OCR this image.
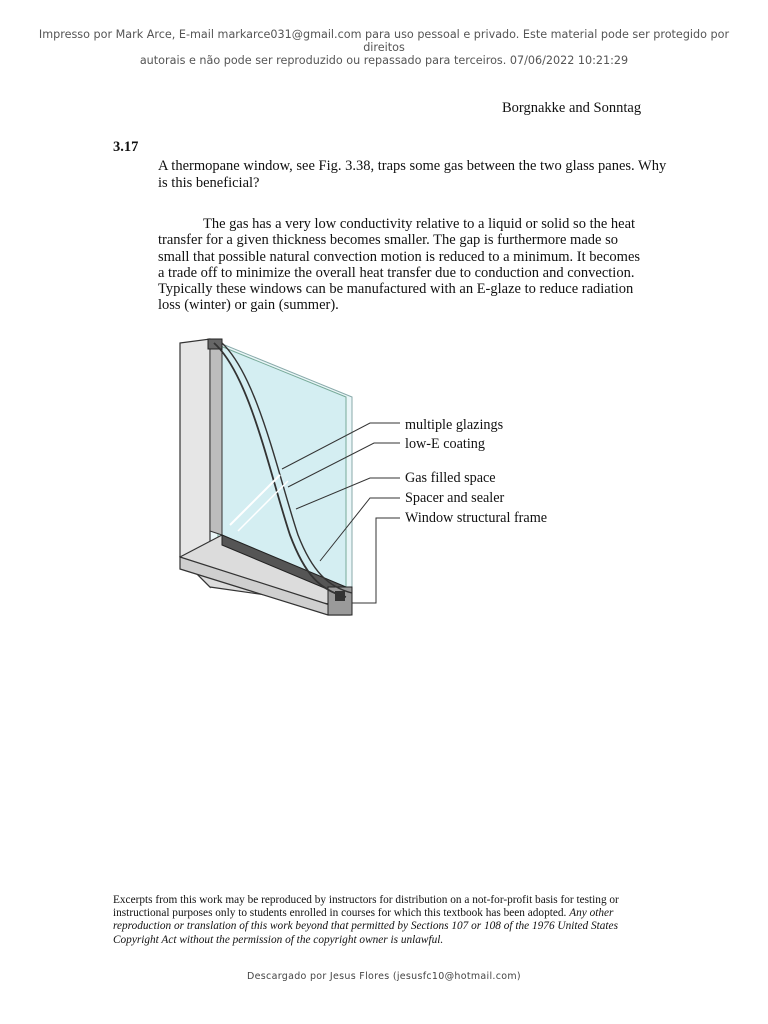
Impresso por Mark Arce, E-mail markarce031@gmail.com para uso pessoal e privado. Este material pode ser protegido por direitos
autorais e não pode ser reproduzido ou repassado para terceiros. 07/06/2022 10:21:29
Borgnakke and Sonntag
3.17
A thermopane window, see Fig. 3.38, traps some gas between the two glass panes. Why is this beneficial?
The gas has a very low conductivity relative to a liquid or solid so the heat transfer for a given thickness becomes smaller. The gap is furthermore made so small that possible natural convection motion is reduced to a minimum. It becomes a trade off to minimize the overall heat transfer due to conduction and convection. Typically these windows can be manufactured with an E-glaze to reduce radiation loss (winter) or gain (summer).
multiple glazings
low-E coating
Gas filled space
Spacer and sealer
Window structural frame
Excerpts from this work may be reproduced by instructors for distribution on a not-for-profit basis for testing or instructional purposes only to students enrolled in courses for which this textbook has been adopted. Any other reproduction or translation of this work beyond that permitted by Sections 107 or 108 of the 1976 United States Copyright Act without the permission of the copyright owner is unlawful.
Descargado por Jesus Flores (jesusfc10@hotmail.com)
